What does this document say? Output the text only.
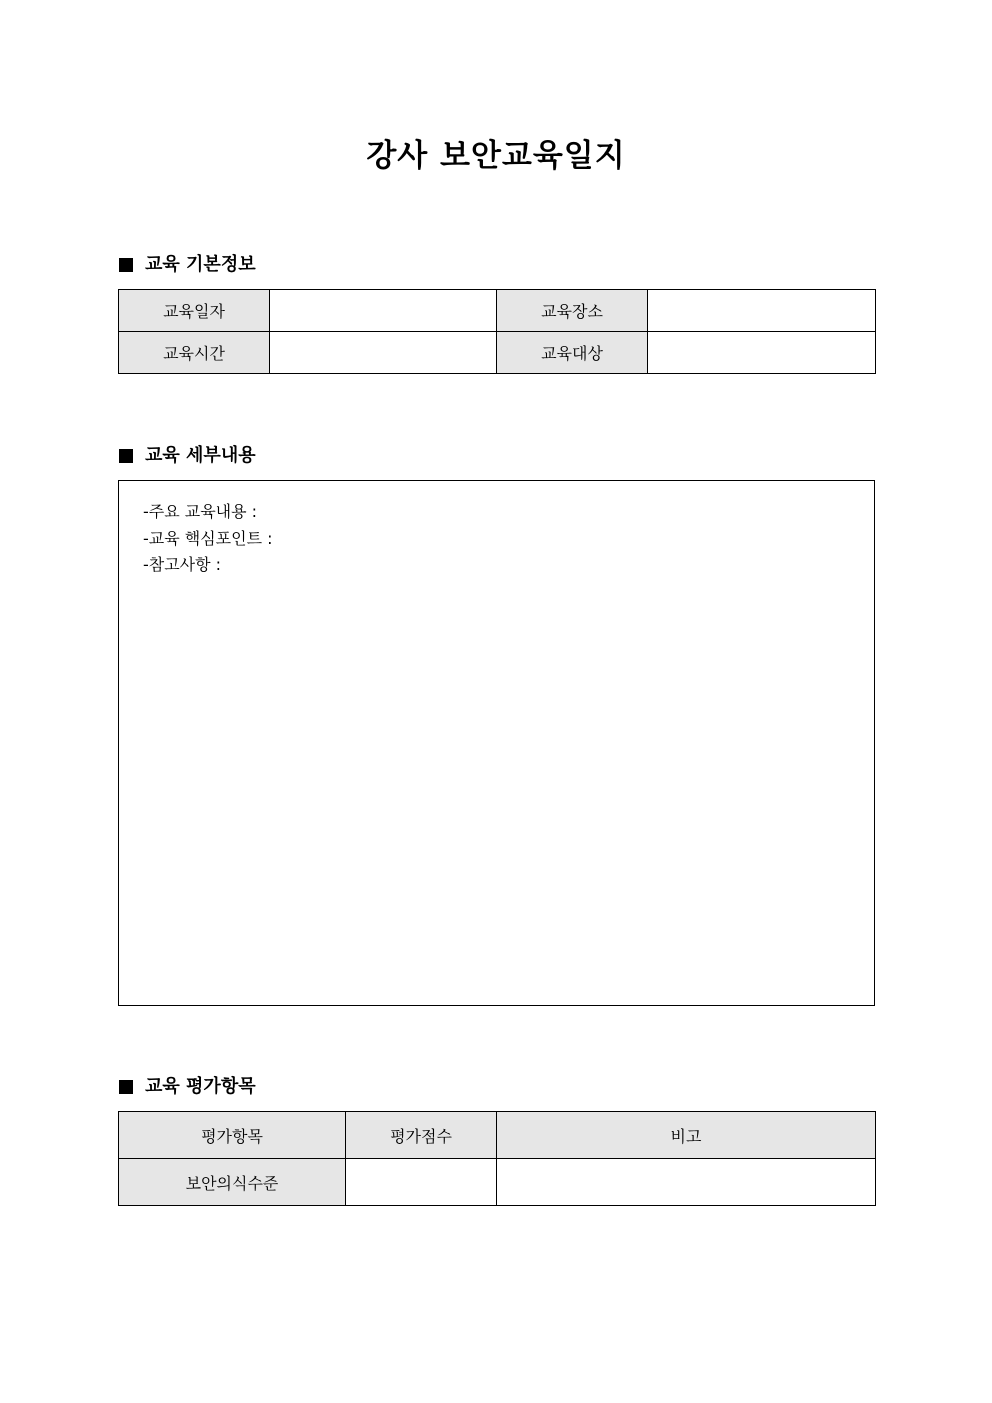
강사 보안교육일지
교육 기본정보
교육일자		교육장소	
교육시간		교육대상	
교육 세부내용
-주요 교육내용 :
-교육 핵심포인트 :
-참고사항 :
교육 평가항목
평가항목	평가점수	비고
보안의식수준		
